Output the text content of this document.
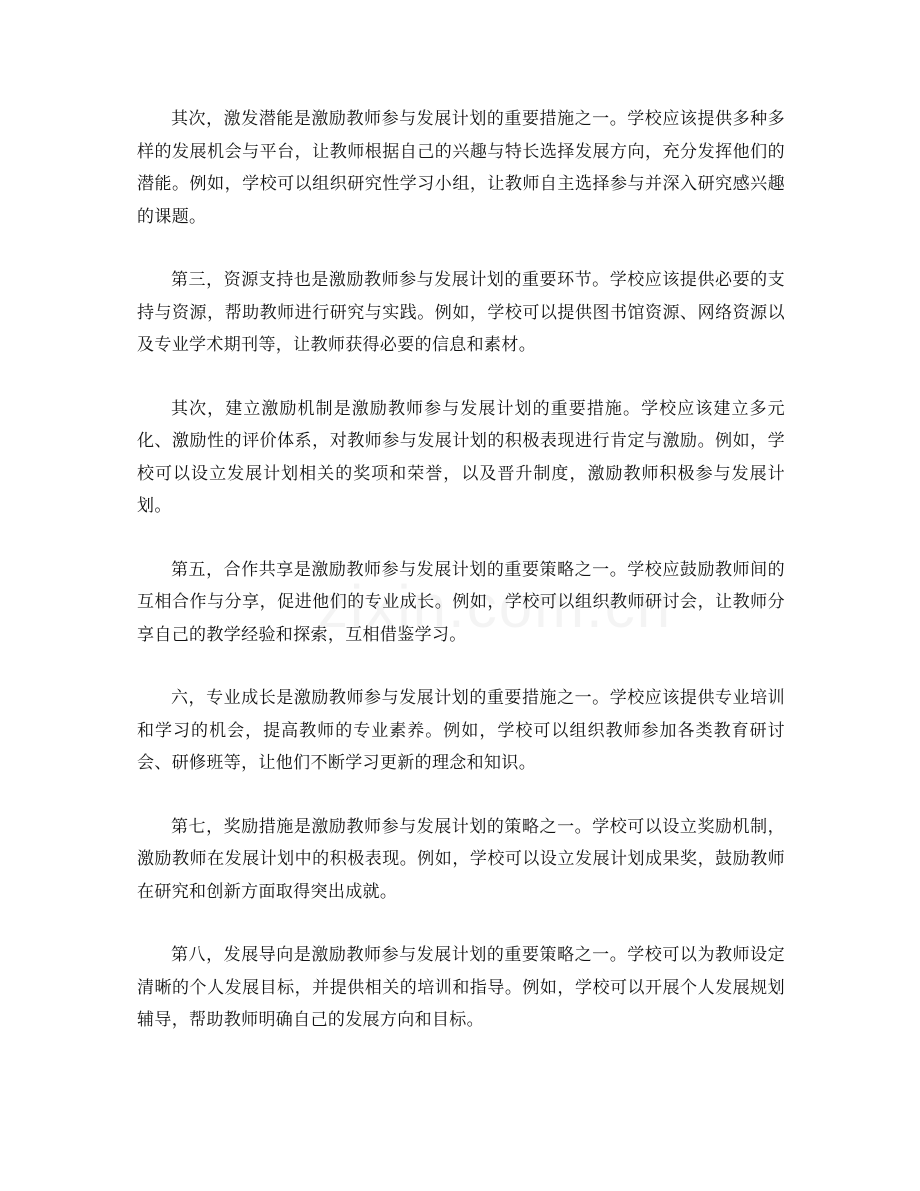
其次，激发潜能是激励教师参与发展计划的重要措施之一。学校应该提供多种多样的发展机会与平台，让教师根据自己的兴趣与特长选择发展方向，充分发挥他们的潜能。例如，学校可以组织研究性学习小组，让教师自主选择参与并深入研究感兴趣的课题。

第三，资源支持也是激励教师参与发展计划的重要环节。学校应该提供必要的支持与资源，帮助教师进行研究与实践。例如，学校可以提供图书馆资源、网络资源以及专业学术期刊等，让教师获得必要的信息和素材。

其次，建立激励机制是激励教师参与发展计划的重要措施。学校应该建立多元化、激励性的评价体系，对教师参与发展计划的积极表现进行肯定与激励。例如，学校可以设立发展计划相关的奖项和荣誉，以及晋升制度，激励教师积极参与发展计划。

第五，合作共享是激励教师参与发展计划的重要策略之一。学校应鼓励教师间的互相合作与分享，促进他们的专业成长。例如，学校可以组织教师研讨会，让教师分享自己的教学经验和探索，互相借鉴学习。

六，专业成长是激励教师参与发展计划的重要措施之一。学校应该提供专业培训和学习的机会，提高教师的专业素养。例如，学校可以组织教师参加各类教育研讨会、研修班等，让他们不断学习更新的理念和知识。

第七，奖励措施是激励教师参与发展计划的策略之一。学校可以设立奖励机制，激励教师在发展计划中的积极表现。例如，学校可以设立发展计划成果奖，鼓励教师在研究和创新方面取得突出成就。

第八，发展导向是激励教师参与发展计划的重要策略之一。学校可以为教师设定清晰的个人发展目标，并提供相关的培训和指导。例如，学校可以开展个人发展规划辅导，帮助教师明确自己的发展方向和目标。
